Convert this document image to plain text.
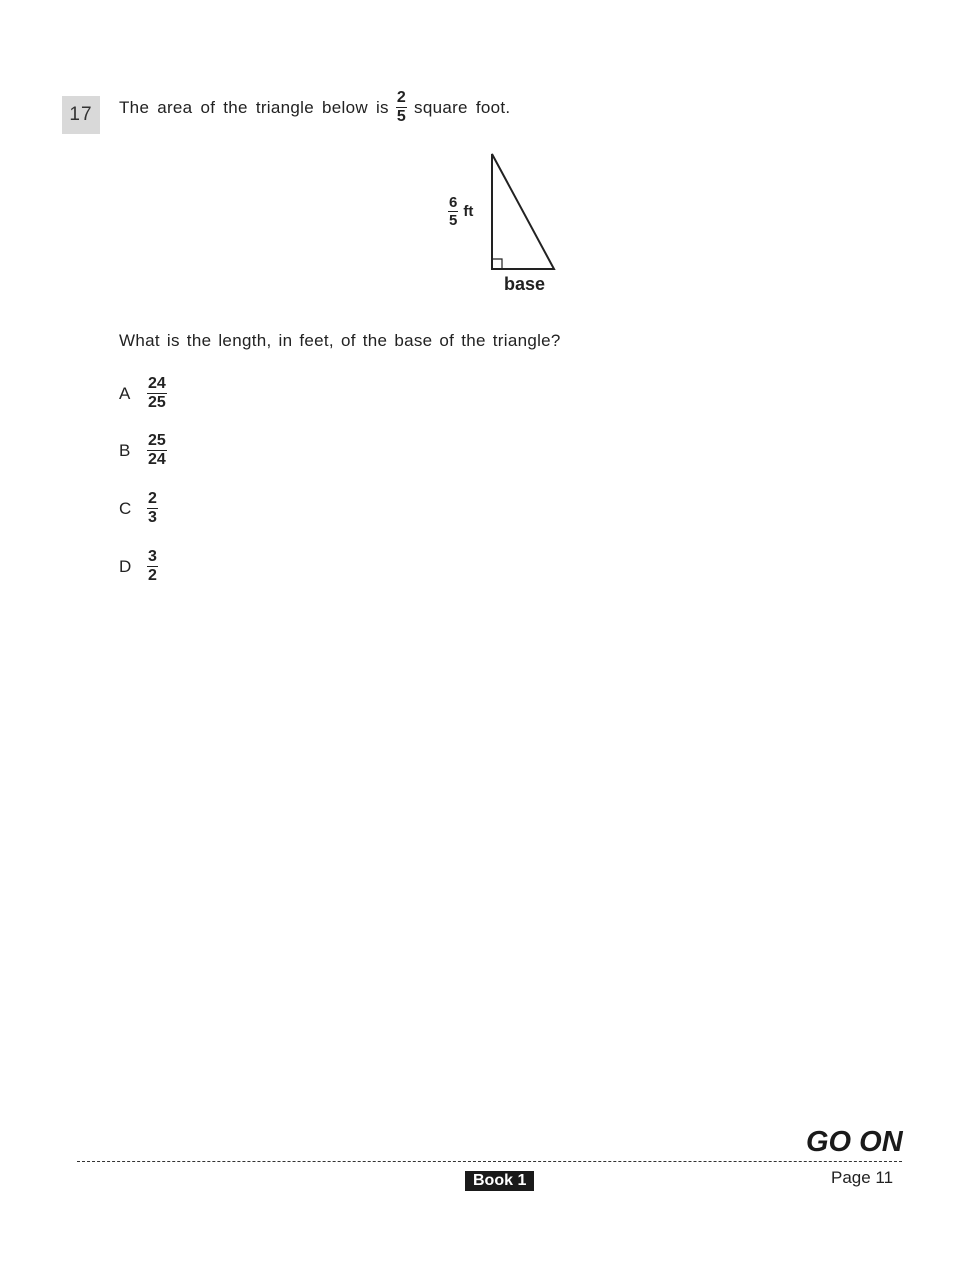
17	The area of the triangle below is $\frac{2}{5}$ square foot.
$\frac{6}{5}$ ft
base
What is the length, in feet, of the base of the triangle?
A	$\frac{24}{25}$
B	$\frac{25}{24}$
C $\frac{2}{3}$
D $\frac{3}{2}$
GO ON
Book 1	Page 11
